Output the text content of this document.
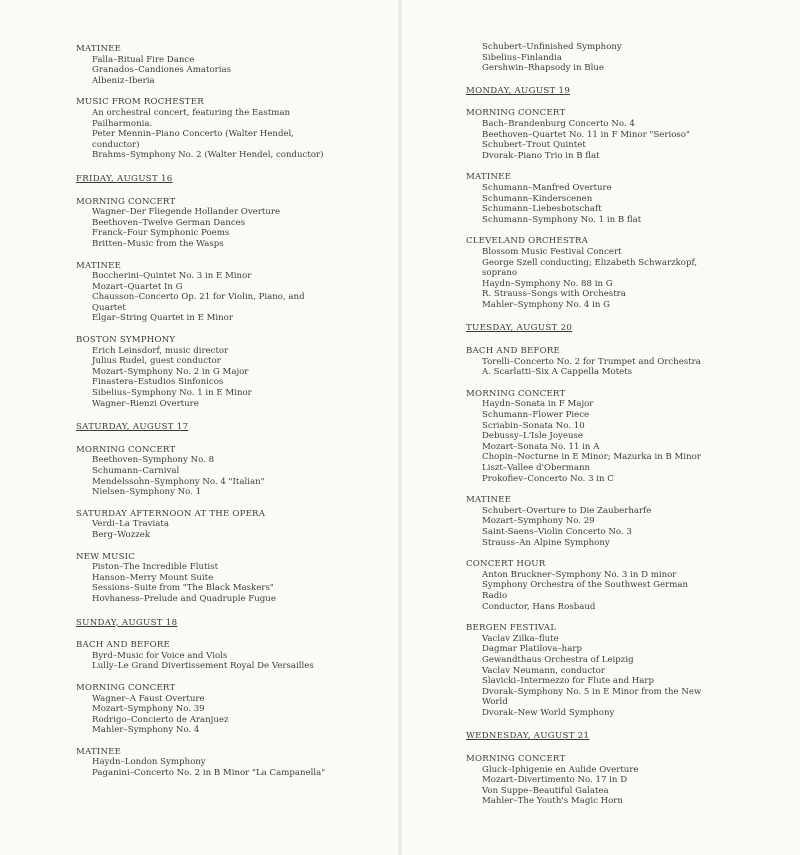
MATINEE
Falla–Ritual Fire Dance
Granados–Candiones Amatorias
Albeniz–Iberia
MUSIC FROM ROCHESTER
An orchestral concert, featuring the Eastman Pailharmonia.
Peter Mennin–Piano Concerto (Walter Hendel, conductor)
Brahms–Symphony No. 2 (Walter Hendel, conductor)
FRIDAY, AUGUST 16
MORNING CONCERT
Wagner–Der Fliegende Hollander Overture
Beethoven–Twelve German Dances
Franck–Four Symphonic Poems
Britten–Music from the Wasps
MATINEE
Boccherini–Quintet No. 3 in E Minor
Mozart–Quartet In G
Chausson–Concerto Op. 21 for Violin, Piano, and Quartet
Elgar–String Quartet in E Minor
BOSTON SYMPHONY
Erich Leinsdorf, music director
Julius Rudel, guest conductor
Mozart–Symphony No. 2 in G Major
Finastera–Estudios Sinfonicos
Sibelius–Symphony No. 1 in E Minor
Wagner–Rienzi Overture
SATURDAY, AUGUST 17
MORNING CONCERT
Beethoven–Symphony No. 8
Schumann–Carnival
Mendelssohn–Symphony No. 4 "Italian"
Nielsen–Symphony No. 1
SATURDAY AFTERNOON AT THE OPERA
Verdi–La Traviata
Berg–Wozzek
NEW MUSIC
Piston–The Incredible Flutist
Hanson–Merry Mount Suite
Sessions–Suite from "The Black Maskers"
Hovhaness–Prelude and Quadruple Fugue
SUNDAY, AUGUST 18
BACH AND BEFORE
Byrd–Music for Voice and Viols
Lully–Le Grand Divertissement Royal De Versailles
MORNING CONCERT
Wagner–A Faust Overture
Mozart–Symphony No. 39
Rodrigo–Concierto de Aranjuez
Mahler–Symphony No. 4
MATINEE
Haydn–London Symphony
Paganini–Concerto No. 2 in B Minor "La Campanella"
Schubert–Unfinished Symphony
Sibelius–Finlandia
Gershwin–Rhapsody in Blue
MONDAY, AUGUST 19
MORNING CONCERT
Bach–Brandenburg Concerto No. 4
Beethoven–Quartet No. 11 in F Minor "Serioso"
Schubert–Trout Quintet
Dvorak–Piano Trio in B flat
MATINEE
Schumann–Manfred Overture
Schumann–Kinderscenen
Schumann–Liebesbotschaft
Schumann–Symphony No. 1 in B flat
CLEVELAND ORCHESTRA
Blossom Music Festival Concert
George Szell conducting; Elizabeth Schwarzkopf, soprano
Haydn–Symphony No. 88 in G
R. Strauss–Songs with Orchestra
Mahler–Symphony No. 4 in G
TUESDAY, AUGUST 20
BACH AND BEFORE
Torelli–Concerto No. 2 for Trumpet and Orchestra
A. Scarlatti–Six A Cappella Motets
MORNING CONCERT
Haydn–Sonata in F Major
Schumann–Flower Piece
Scriabin–Sonata No. 10
Debussy–L'Isle Joyeuse
Mozart–Sonata No. 11 in A
Chopin–Nocturne in E Minor; Mazurka in B Minor
Liszt–Vallee d'Obermann
Prokofiev–Concerto No. 3 in C
MATINEE
Schubert–Overture to Die Zauberharfe
Mozart–Symphony No. 29
Saint-Saens–Violin Concerto No. 3
Strauss–An Alpine Symphony
CONCERT HOUR
Anton Bruckner–Symphony No. 3 in D minor
Symphony Orchestra of the Southwest German Radio
Conductor, Hans Rosbaud
BERGEN FESTIVAL
Vaclav Zilka–flute
Dagmar Platilova–harp
Gewandthaus Orchestra of Leipzig
Vaclav Neumann, conductor
Slavicki–Intermezzo for Flute and Harp
Dvorak–Symphony No. 5 in E Minor from the New World
Dvorak–New World Symphony
WEDNESDAY, AUGUST 21
MORNING CONCERT
Gluck–Iphigenie en Aulide Overture
Mozart–Divertimento No. 17 in D
Von Suppe–Beautiful Galatea
Mahler–The Youth's Magic Horn
